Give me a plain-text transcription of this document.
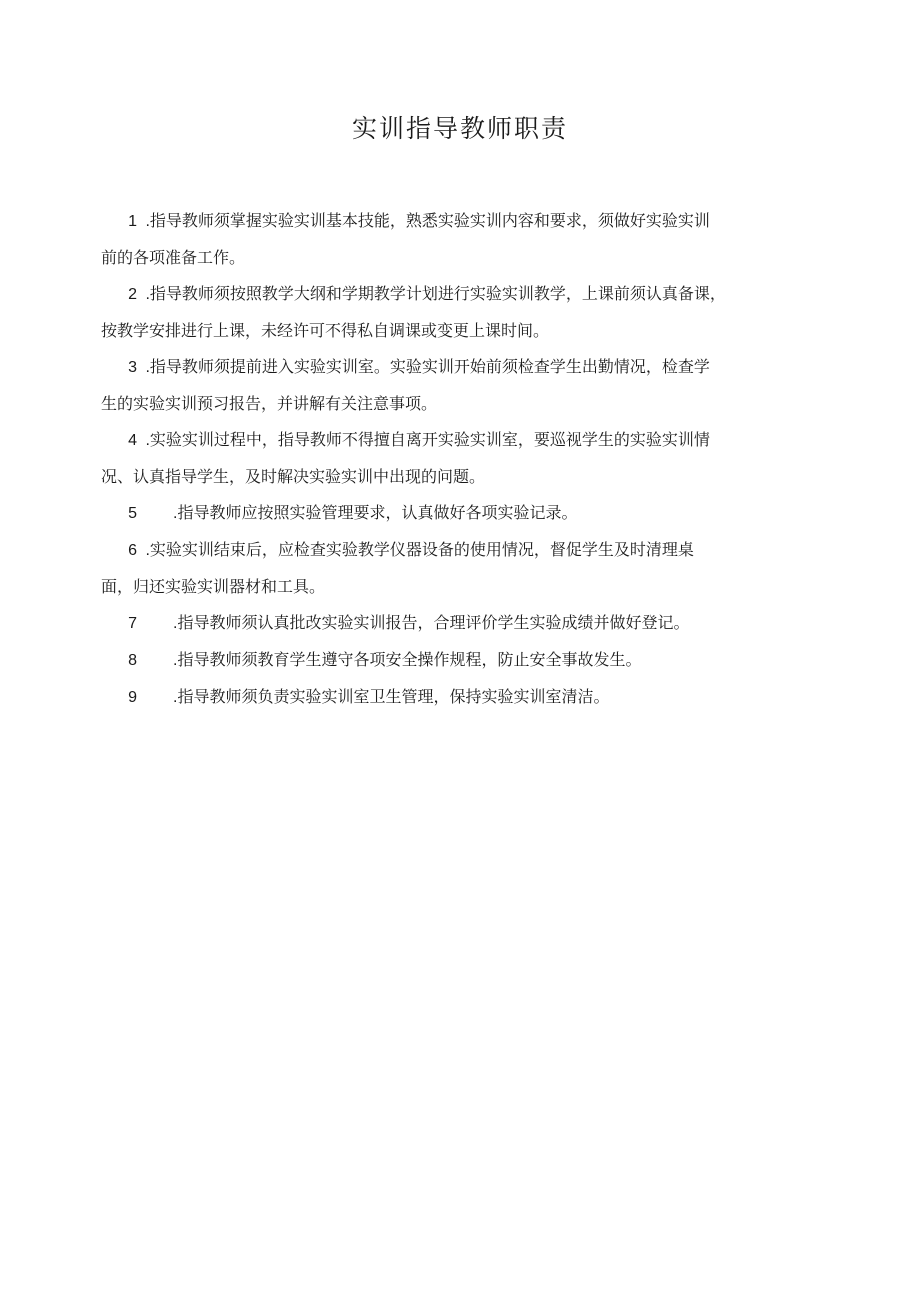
实训指导教师职责

1 .指导教师须掌握实验实训基本技能，熟悉实验实训内容和要求，须做好实验实训
前的各项准备工作。

2 .指导教师须按照教学大纲和学期教学计划进行实验实训教学，上课前须认真备课，
按教学安排进行上课，未经许可不得私自调课或变更上课时间。

3 .指导教师须提前进入实验实训室。实验实训开始前须检查学生出勤情况，检查学
生的实验实训预习报告，并讲解有关注意事项。

4 .实验实训过程中，指导教师不得擅自离开实验实训室，要巡视学生的实验实训情
况、认真指导学生，及时解决实验实训中出现的问题。

5 .指导教师应按照实验管理要求，认真做好各项实验记录。

6 .实验实训结束后，应检查实验教学仪器设备的使用情况，督促学生及时清理桌
面，归还实验实训器材和工具。

7 .指导教师须认真批改实验实训报告，合理评价学生实验成绩并做好登记。

8 .指导教师须教育学生遵守各项安全操作规程，防止安全事故发生。

9 .指导教师须负责实验实训室卫生管理，保持实验实训室清洁。
